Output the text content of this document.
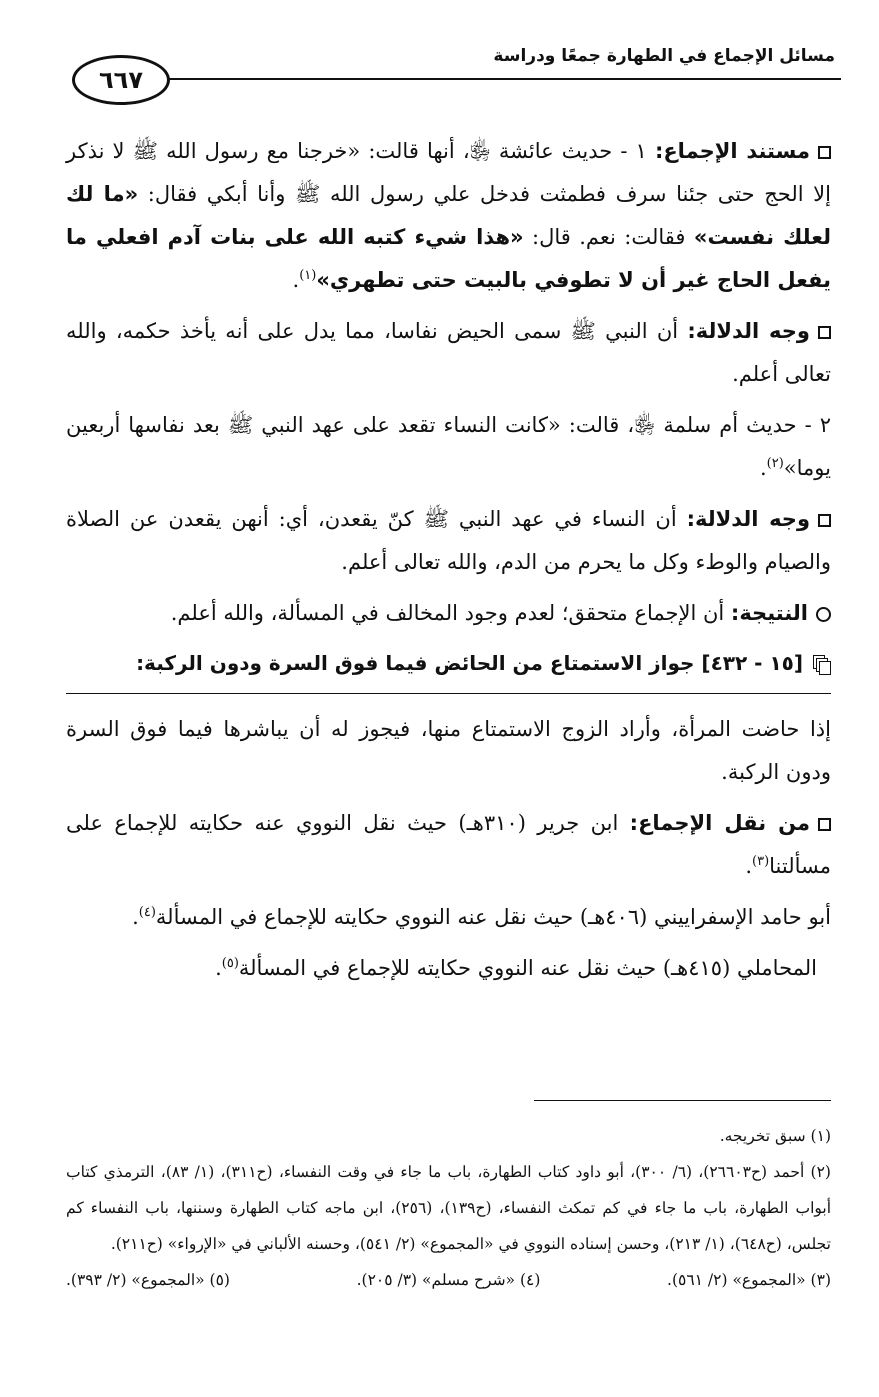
مسائل الإجماع في الطهارة جمعًا ودراسة
٦٦٧

مستند الإجماع: ١ - حديث عائشة ﵂، أنها قالت: «خرجنا مع رسول الله ﷺ لا نذكر إلا الحج حتى جئنا سرف فطمثت فدخل علي رسول الله ﷺ وأنا أبكي فقال: «ما لك لعلك نفست» فقالت: نعم. قال: «هذا شيء كتبه الله على بنات آدم افعلي ما يفعل الحاج غير أن لا تطوفي بالبيت حتى تطهري»$^{(١)}$.

وجه الدلالة: أن النبي ﷺ سمى الحيض نفاسا، مما يدل على أنه يأخذ حكمه، والله تعالى أعلم.

٢ - حديث أم سلمة ﵂، قالت: «كانت النساء تقعد على عهد النبي ﷺ بعد نفاسها أربعين يوما»$^{(٢)}$.

وجه الدلالة: أن النساء في عهد النبي ﷺ كنّ يقعدن، أي: أنهن يقعدن عن الصلاة والصيام والوطء وكل ما يحرم من الدم، والله تعالى أعلم.

النتيجة: أن الإجماع متحقق؛ لعدم وجود المخالف في المسألة، والله أعلم.

[١٥ - ٤٣٢] جواز الاستمتاع من الحائض فيما فوق السرة ودون الركبة:

إذا حاضت المرأة، وأراد الزوج الاستمتاع منها، فيجوز له أن يباشرها فيما فوق السرة ودون الركبة.

من نقل الإجماع: ابن جرير (٣١٠هـ) حيث نقل النووي عنه حكايته للإجماع على مسألتنا$^{(٣)}$.

أبو حامد الإسفراييني (٤٠٦هـ) حيث نقل عنه النووي حكايته للإجماع في المسألة$^{(٤)}$.

المحاملي (٤١٥هـ) حيث نقل عنه النووي حكايته للإجماع في المسألة$^{(٥)}$.

(١) سبق تخريجه.

(٢) أحمد (ح٢٦٦٠٣)، (٦/ ٣٠٠)، أبو داود كتاب الطهارة، باب ما جاء في وقت النفساء، (ح٣١١)، (١/ ٨٣)، الترمذي كتاب أبواب الطهارة، باب ما جاء في كم تمكث النفساء، (ح١٣٩)، (٢٥٦)، ابن ماجه كتاب الطهارة وسننها، باب النفساء كم تجلس، (ح٦٤٨)، (١/ ٢١٣)، وحسن إسناده النووي في «المجموع» (٢/ ٥٤١)، وحسنه الألباني في «الإرواء» (ح٢١١).

(٣) «المجموع» (٢/ ٥٦١).
(٤) «شرح مسلم» (٣/ ٢٠٥).
(٥) «المجموع» (٢/ ٣٩٣).
